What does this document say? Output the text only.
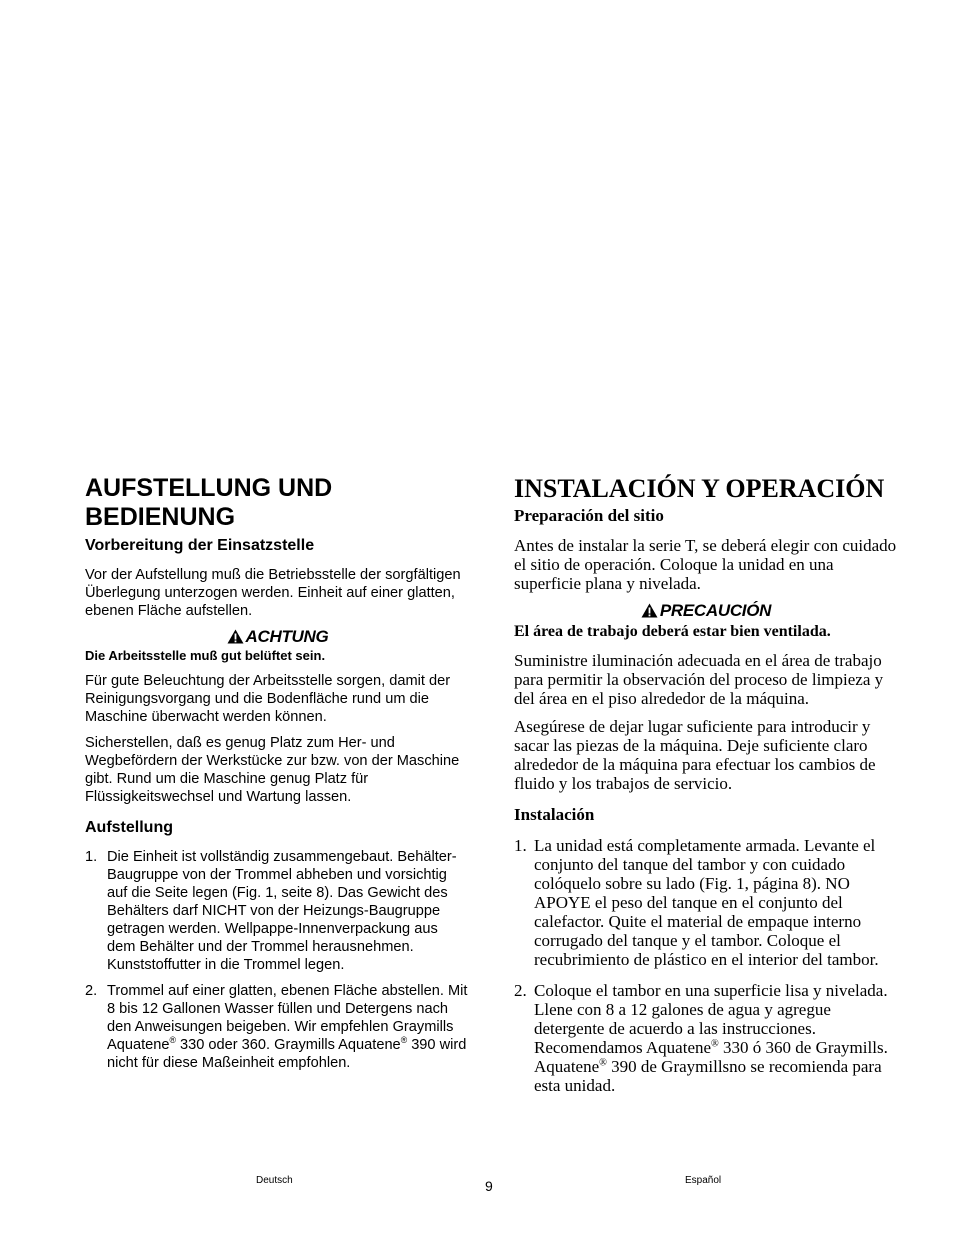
AUFSTELLUNG UND BEDIENUNG
Vorbereitung der Einsatzstelle

Vor der Aufstellung muß die Betriebsstelle der sorgfältigen Überlegung unterzogen werden. Einheit auf einer glatten, ebenen Fläche aufstellen.

ACHTUNG

Die Arbeitsstelle muß gut belüftet sein.

Für gute Beleuchtung der Arbeitsstelle sorgen, damit der Reinigungsvorgang und die Bodenfläche rund um die Maschine überwacht werden können.

Sicherstellen, daß es genug Platz zum Her- und Wegbefördern der Werkstücke zur bzw. von der Maschine gibt. Rund um die Maschine genug Platz für Flüssigkeitswechsel und Wartung lassen.

Aufstellung
1. Die Einheit ist vollständig zusammengebaut. Behälter-Baugruppe von der Trommel abheben und vorsichtig auf die Seite legen (Fig. 1, seite 8). Das Gewicht des Behälters darf NICHT von der Heizungs-Baugruppe getragen werden. Wellpappe-Innenverpackung aus dem Behälter und der Trommel herausnehmen. Kunststoffutter in die Trommel legen.
2. Trommel auf einer glatten, ebenen Fläche abstellen. Mit 8 bis 12 Gallonen Wasser füllen und Detergens nach den Anweisungen beigeben. Wir empfehlen Graymills Aquatene® 330 oder 360. Graymills Aquatene® 390 wird nicht für diese Maßeinheit empfohlen.
INSTALACIÓN Y OPERACIÓN
Preparación del sitio

Antes de instalar la serie T, se deberá elegir con cuidado el sitio de operación. Coloque la unidad en una superficie plana y nivelada.

PRECAUCIÓN

El área de trabajo deberá estar bien ventilada.

Suministre iluminación adecuada en el área de trabajo para permitir la observación del proceso de limpieza y del área en el piso alrededor de la máquina.

Asegúrese de dejar lugar suficiente para introducir y sacar las piezas de la máquina. Deje suficiente claro alrededor de la máquina para efectuar los cambios de fluido y los trabajos de servicio.

Instalación
1. La unidad está completamente armada. Levante el conjunto del tanque del tambor y con cuidado colóquelo sobre su lado (Fig. 1, página 8). NO APOYE el peso del tanque en el conjunto del calefactor. Quite el material de empaque interno corrugado del tanque y el tambor. Coloque el recubrimiento de plástico en el interior del tambor.
2. Coloque el tambor en una superficie lisa y nivelada. Llene con 8 a 12 galones de agua y agregue detergente de acuerdo a las instrucciones. Recomendamos Aquatene® 330 ó 360 de Graymills. Aquatene® 390 de Graymillsno se recomienda para esta unidad.
Deutsch	9	Español
